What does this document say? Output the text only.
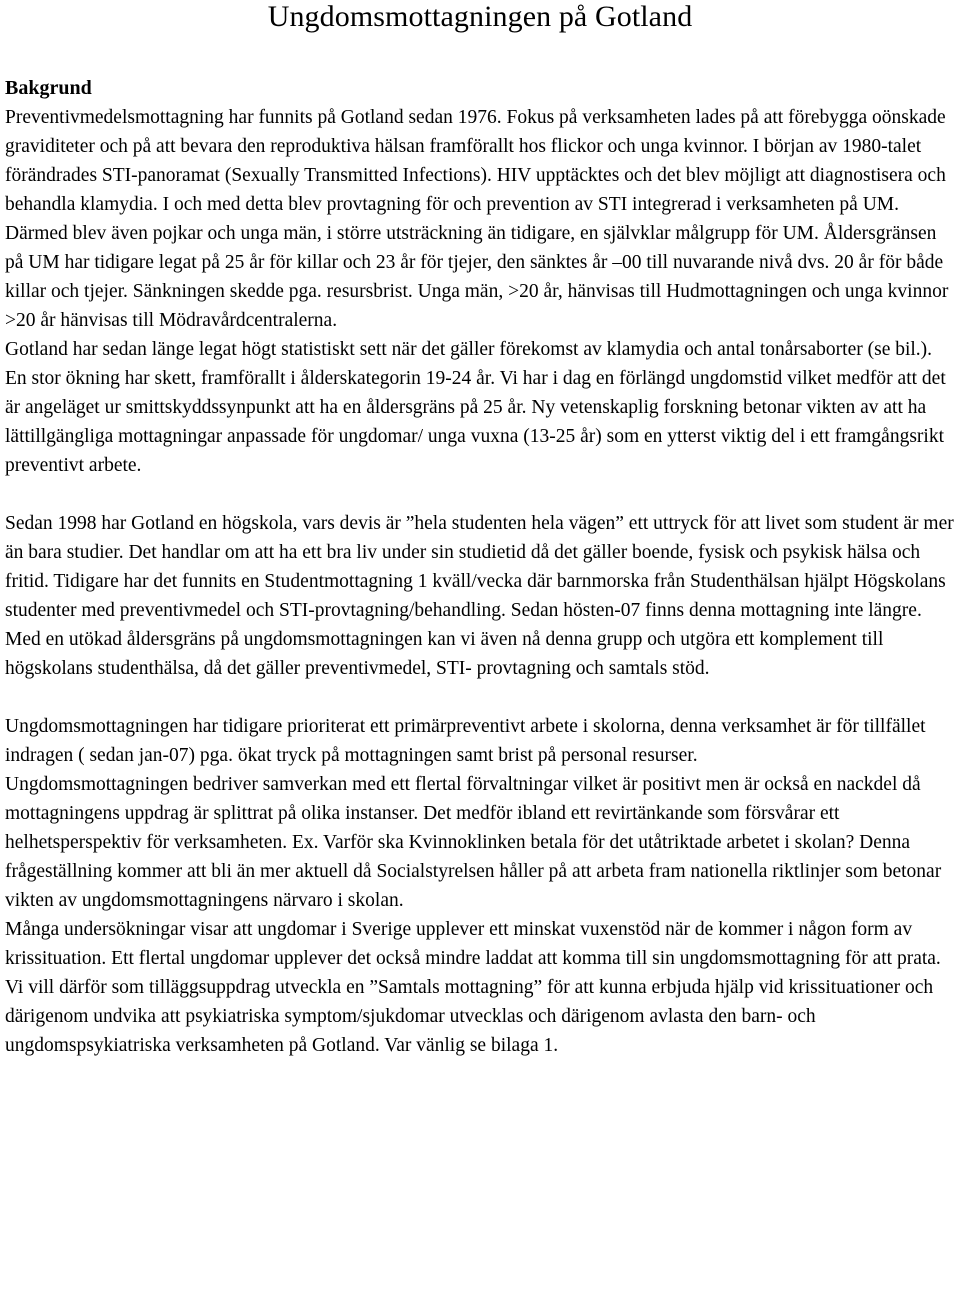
Ungdomsmottagningen på Gotland
Bakgrund

Preventivmedelsmottagning har funnits på Gotland sedan 1976. Fokus på verksamheten lades på att förebygga oönskade graviditeter och på att bevara den reproduktiva hälsan framförallt hos flickor och unga kvinnor. I början av 1980-talet förändrades STI-panoramat (Sexually Transmitted Infections). HIV upptäcktes och det blev möjligt att diagnostisera och behandla klamydia. I och med detta blev provtagning för och prevention av STI integrerad i verksamheten på UM. Därmed blev även pojkar och unga män, i större utsträckning än tidigare, en självklar målgrupp för UM. Åldersgränsen på UM har tidigare legat på 25 år för killar och 23 år för tjejer, den sänktes år –00 till nuvarande nivå dvs. 20 år för både killar och tjejer. Sänkningen skedde pga. resursbrist. Unga män, >20 år, hänvisas till Hudmottagningen och unga kvinnor >20 år hänvisas till Mödravårdcentralerna.

Gotland har sedan länge legat högt statistiskt sett när det gäller förekomst av klamydia och antal tonårsaborter (se bil.). En stor ökning har skett, framförallt i ålderskategorin 19-24 år. Vi har i dag en förlängd ungdomstid vilket medför att det är angeläget ur smittskyddssynpunkt att ha en åldersgräns på 25 år. Ny vetenskaplig forskning betonar vikten av att ha lättillgängliga mottagningar anpassade för ungdomar/ unga vuxna (13-25 år) som en ytterst viktig del i ett framgångsrikt preventivt arbete.

Sedan 1998 har Gotland en högskola, vars devis är ”hela studenten hela vägen” ett uttryck för att livet som student är mer än bara studier. Det handlar om att ha ett bra liv under sin studietid då det gäller boende, fysisk och psykisk hälsa och fritid. Tidigare har det funnits en Studentmottagning 1 kväll/vecka där barnmorska från Studenthälsan hjälpt Högskolans studenter med preventivmedel och STI-provtagning/behandling. Sedan hösten-07 finns denna mottagning inte längre. Med en utökad åldersgräns på ungdomsmottagningen kan vi även nå denna grupp och utgöra ett komplement till högskolans studenthälsa, då det gäller preventivmedel, STI- provtagning och samtals stöd.

Ungdomsmottagningen har tidigare prioriterat ett primärpreventivt arbete i skolorna, denna verksamhet är för tillfället indragen ( sedan jan-07) pga. ökat tryck på mottagningen samt brist på personal resurser.

Ungdomsmottagningen bedriver samverkan med ett flertal förvaltningar vilket är positivt men är också en nackdel då mottagningens uppdrag är splittrat på olika instanser. Det medför ibland ett revirtänkande som försvårar ett helhetsperspektiv för verksamheten. Ex. Varför ska Kvinnoklinken betala för det utåtriktade arbetet i skolan? Denna frågeställning kommer att bli än mer aktuell då Socialstyrelsen håller på att arbeta fram nationella riktlinjer som betonar vikten av ungdomsmottagningens närvaro i skolan.

Många undersökningar visar att ungdomar i Sverige upplever ett minskat vuxenstöd när de kommer i någon form av krissituation. Ett flertal ungdomar upplever det också mindre laddat att komma till sin ungdomsmottagning för att prata. Vi vill därför som tilläggsuppdrag utveckla en ”Samtals mottagning” för att kunna erbjuda hjälp vid krissituationer och därigenom undvika att psykiatriska symptom/sjukdomar utvecklas och därigenom avlasta den barn- och ungdomspsykiatriska verksamheten på Gotland. Var vänlig se bilaga 1.
